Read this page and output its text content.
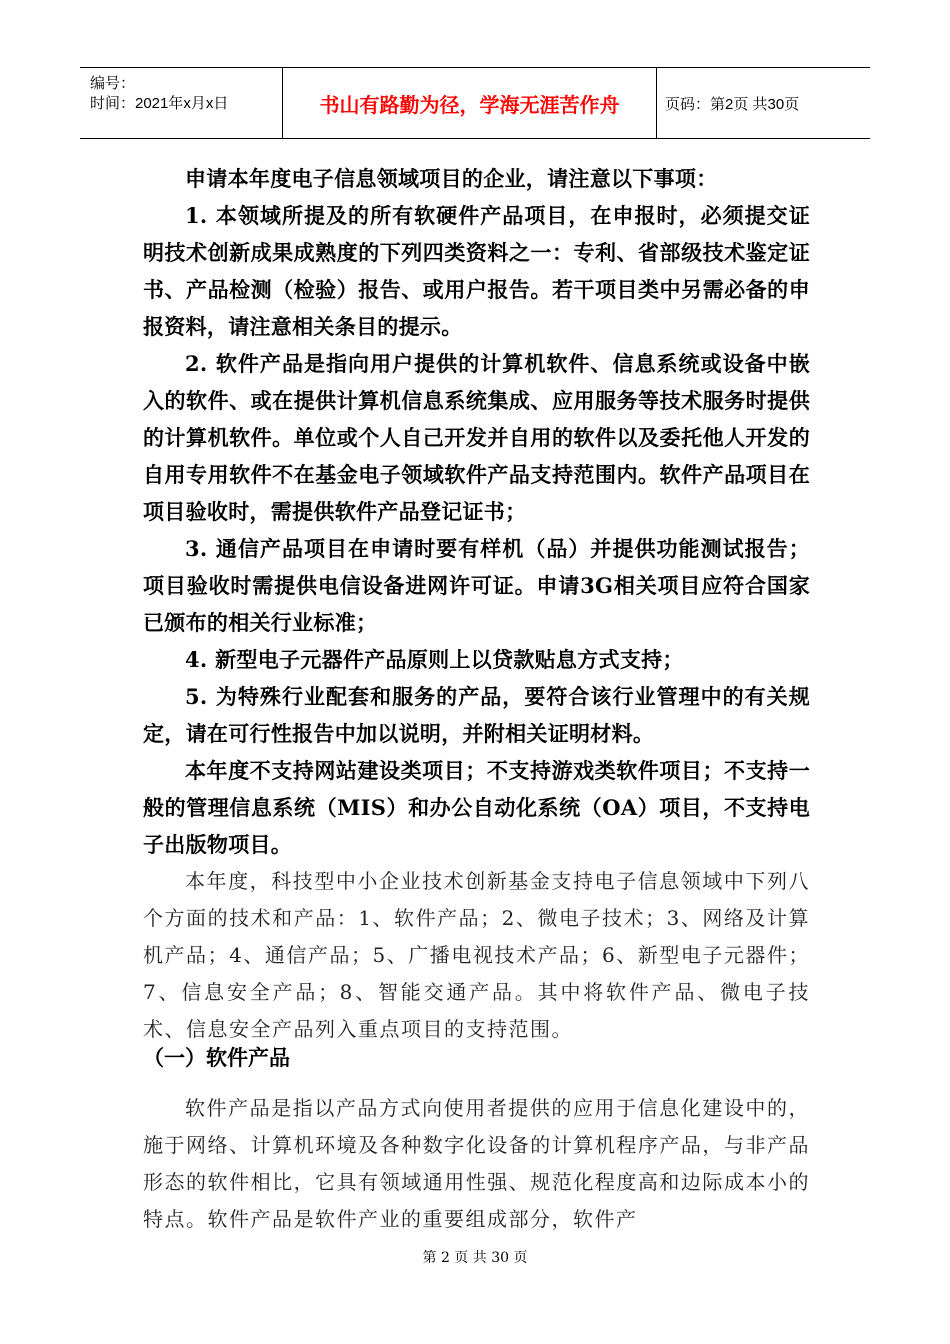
编号：
时间：2021年x月x日	书山有路勤为径，学海无涯苦作舟	页码：第2页 共30页

申请本年度电子信息领域项目的企业，请注意以下事项：

1. 本领域所提及的所有软硬件产品项目，在申报时，必须提交证明技术创新成果成熟度的下列四类资料之一：专利、省部级技术鉴定证书、产品检测（检验）报告、或用户报告。若干项目类中另需必备的申报资料，请注意相关条目的提示。

2. 软件产品是指向用户提供的计算机软件、信息系统或设备中嵌入的软件、或在提供计算机信息系统集成、应用服务等技术服务时提供的计算机软件。单位或个人自己开发并自用的软件以及委托他人开发的自用专用软件不在基金电子领域软件产品支持范围内。软件产品项目在项目验收时，需提供软件产品登记证书；

3. 通信产品项目在申请时要有样机（品）并提供功能测试报告；项目验收时需提供电信设备进网许可证。申请3G相关项目应符合国家已颁布的相关行业标准；

4. 新型电子元器件产品原则上以贷款贴息方式支持；

5. 为特殊行业配套和服务的产品，要符合该行业管理中的有关规定，请在可行性报告中加以说明，并附相关证明材料。

本年度不支持网站建设类项目；不支持游戏类软件项目；不支持一般的管理信息系统（MIS）和办公自动化系统（OA）项目，不支持电子出版物项目。

本年度，科技型中小企业技术创新基金支持电子信息领域中下列八个方面的技术和产品：1、软件产品；2、微电子技术；3、网络及计算机产品；4、通信产品；5、广播电视技术产品；6、新型电子元器件；7、信息安全产品；8、智能交通产品。其中将软件产品、微电子技术、信息安全产品列入重点项目的支持范围。

（一）软件产品

软件产品是指以产品方式向使用者提供的应用于信息化建设中的，施于网络、计算机环境及各种数字化设备的计算机程序产品，与非产品形态的软件相比，它具有领域通用性强、规范化程度高和边际成本小的特点。软件产品是软件产业的重要组成部分，软件产

第 2 页 共 30 页
